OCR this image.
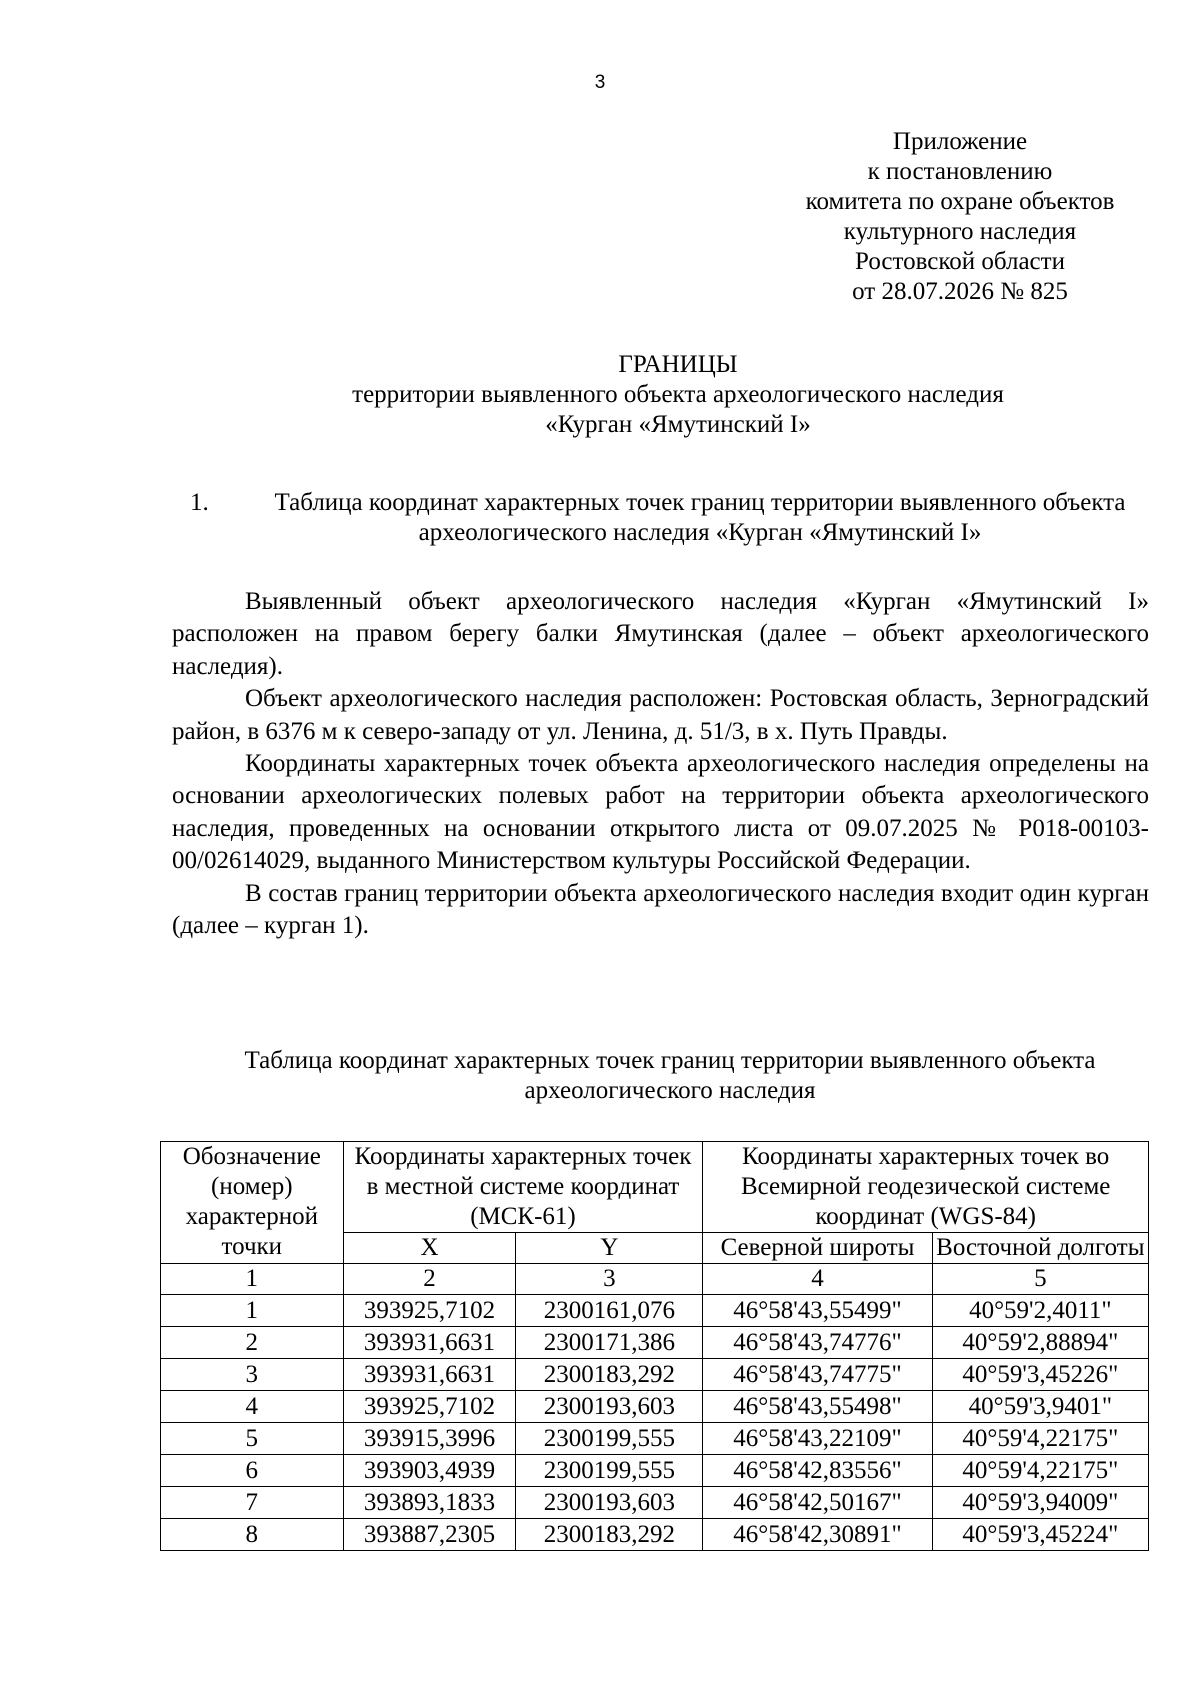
3
Приложение
к постановлению
комитета по охране объектов
культурного наследия
Ростовской области
от 28.07.2026 № 825
ГРАНИЦЫ
территории выявленного объекта археологического наследия
«Курган «Ямутинский I»
1.	Таблица координат характерных точек границ территории выявленного объекта археологического наследия «Курган «Ямутинский I»

Выявленный объект археологического наследия «Курган «Ямутинский I» расположен на правом берегу балки Ямутинская (далее – объект археологического наследия).

Объект археологического наследия расположен: Ростовская область, Зерноградский район, в 6376 м к северо-западу от ул. Ленина, д. 51/3, в х. Путь Правды.

Координаты характерных точек объекта археологического наследия определены на основании археологических полевых работ на территории объекта археологического наследия, проведенных на основании открытого листа от 09.07.2025 № Р018-00103-00/02614029, выданного Министерством культуры Российской Федерации.

В состав границ территории объекта археологического наследия входит один курган (далее – курган 1).

Таблица координат характерных точек границ территории выявленного объекта археологического наследия
Обозначение (номер) характерной точки	Координаты характерных точек в местной системе координат (МСК-61)		Координаты характерных точек во Всемирной геодезической системе координат (WGS-84)	
	X	Y	Северной широты	Восточной долготы
1	2	3	4	5
1	393925,7102	2300161,076	46°58'43,55499"	40°59'2,4011"
2	393931,6631	2300171,386	46°58'43,74776"	40°59'2,88894"
3	393931,6631	2300183,292	46°58'43,74775"	40°59'3,45226"
4	393925,7102	2300193,603	46°58'43,55498"	40°59'3,9401"
5	393915,3996	2300199,555	46°58'43,22109"	40°59'4,22175"
6	393903,4939	2300199,555	46°58'42,83556"	40°59'4,22175"
7	393893,1833	2300193,603	46°58'42,50167"	40°59'3,94009"
8	393887,2305	2300183,292	46°58'42,30891"	40°59'3,45224"
